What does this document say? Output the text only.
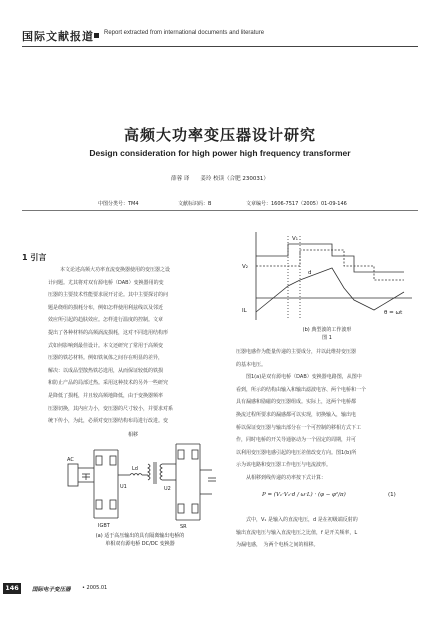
国际文献报道 Report extracted from international documents and literature
高频大功率变压器设计研究
Design consideration for high power high frequency transformer
薛蓉 译　　姜玲 校读（合肥 230031）
中图分类号：TM4	文献标识码：B	文章编号：1606-7517（2005）01-09-146
1 引言
本文论述高频大功率直流变换器使用的变压器之设
计问题。尤其将对双有源电桥（DAB）变换器用的变
压器的主要技术性能要求展开讨论。其中主要探讨的问
题是绕组的损耗分布，例如怎样使用利兹线以及邻近
效应所引起的趋肤效应。怎样进行温度的控制。文章
提出了各种材料的高频涡流损耗，这对不同选用结构形
式如何影响到最佳设计。本文还研究了常用于高频变
压器的铁芯材料。例如铁氧体之间存在明显的差异，
解决：以成品型散热铁芯选用，从而保证较低的铁损
和防止产品的局部过热。采用这种技术的另外一些研究
是降低了损耗，并且较高频地降低，由于变换器频率
压器切换，其内应力小，变压器的尺寸较小，并要求对系
统下传小，为此，必须对变压器结构布局进行改进。变
相移
AC
IGBT
Ld
SR
U1	U2
(a) 适于高压输出的具有隔离输出电桥的
单相双有源电桥 DC/DC 变换器
V₁
V₂
IL
d
θ = ωt
(b) 典型波的工作波形
图 1
压器电感作为能量传递的主要成分，并以此维持变压器
的基本电压。
图1(a)是双有源电桥（DAB）变换器电路图，从图中
看到，所示的结构由输入和输出滤波电容、两个电桥和一个
具有漏感和励磁的变压器组成。实际上，这两个电桥都
换流过程所要求的漏感都可以实现，切换输入，输出电
桥以保证变压器与输出部分在一个可控制的移相方式下工
作，同时电桥的开关导通驱动为一个固定的周期，并可
以利用变压器电感引起的电压差值改变方向。图1(b)所
示为该电路和变压器工作电压与电流波形。
从相移到线传递的功率按下式计算：
P = (V₁·V₂·d / ω·L) · (φ − φ²/π)	(1)
式中，V₁ 是输入的直流电压，d 是在初级端反射的
输出直流电压与输入直流电压之比值，f 是开关频率，L
为漏电感，　为两个电桥之间的相移。
146	国际电子变压器 • 2005.01
